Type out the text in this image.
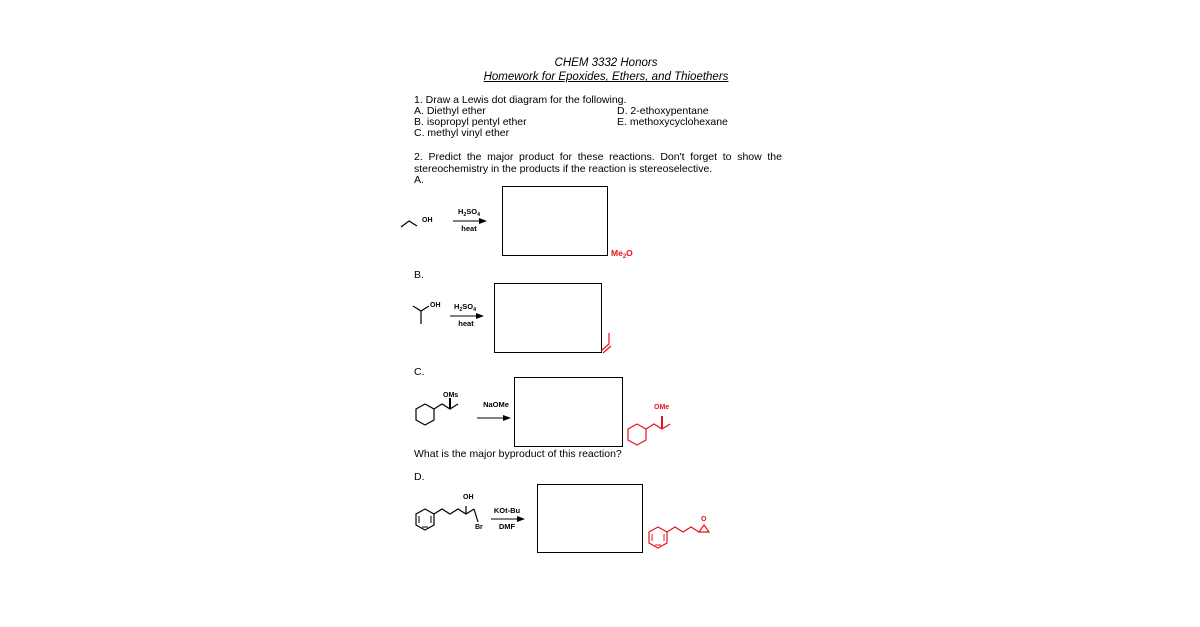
CHEM 3332 Honors
Homework for Epoxides, Ethers, and Thioethers
1. Draw a Lewis dot diagram for the following.
A. Diethyl ether
B. isopropyl pentyl ether
C. methyl vinyl ether
D. 2-ethoxypentane
E. methoxycyclohexane
2. Predict the major product for these reactions. Don't forget to show the stereochemistry in the products if the reaction is stereoselective.
A.
OH
$H_2SO_4$
heat
$Me_2O$
B.
OH	$H_2SO_4$
heat
C.
OMs
NaOMe	OMe
What is the major byproduct of this reaction?
D.
OH
Br
KOt-Bu
DMF
O
